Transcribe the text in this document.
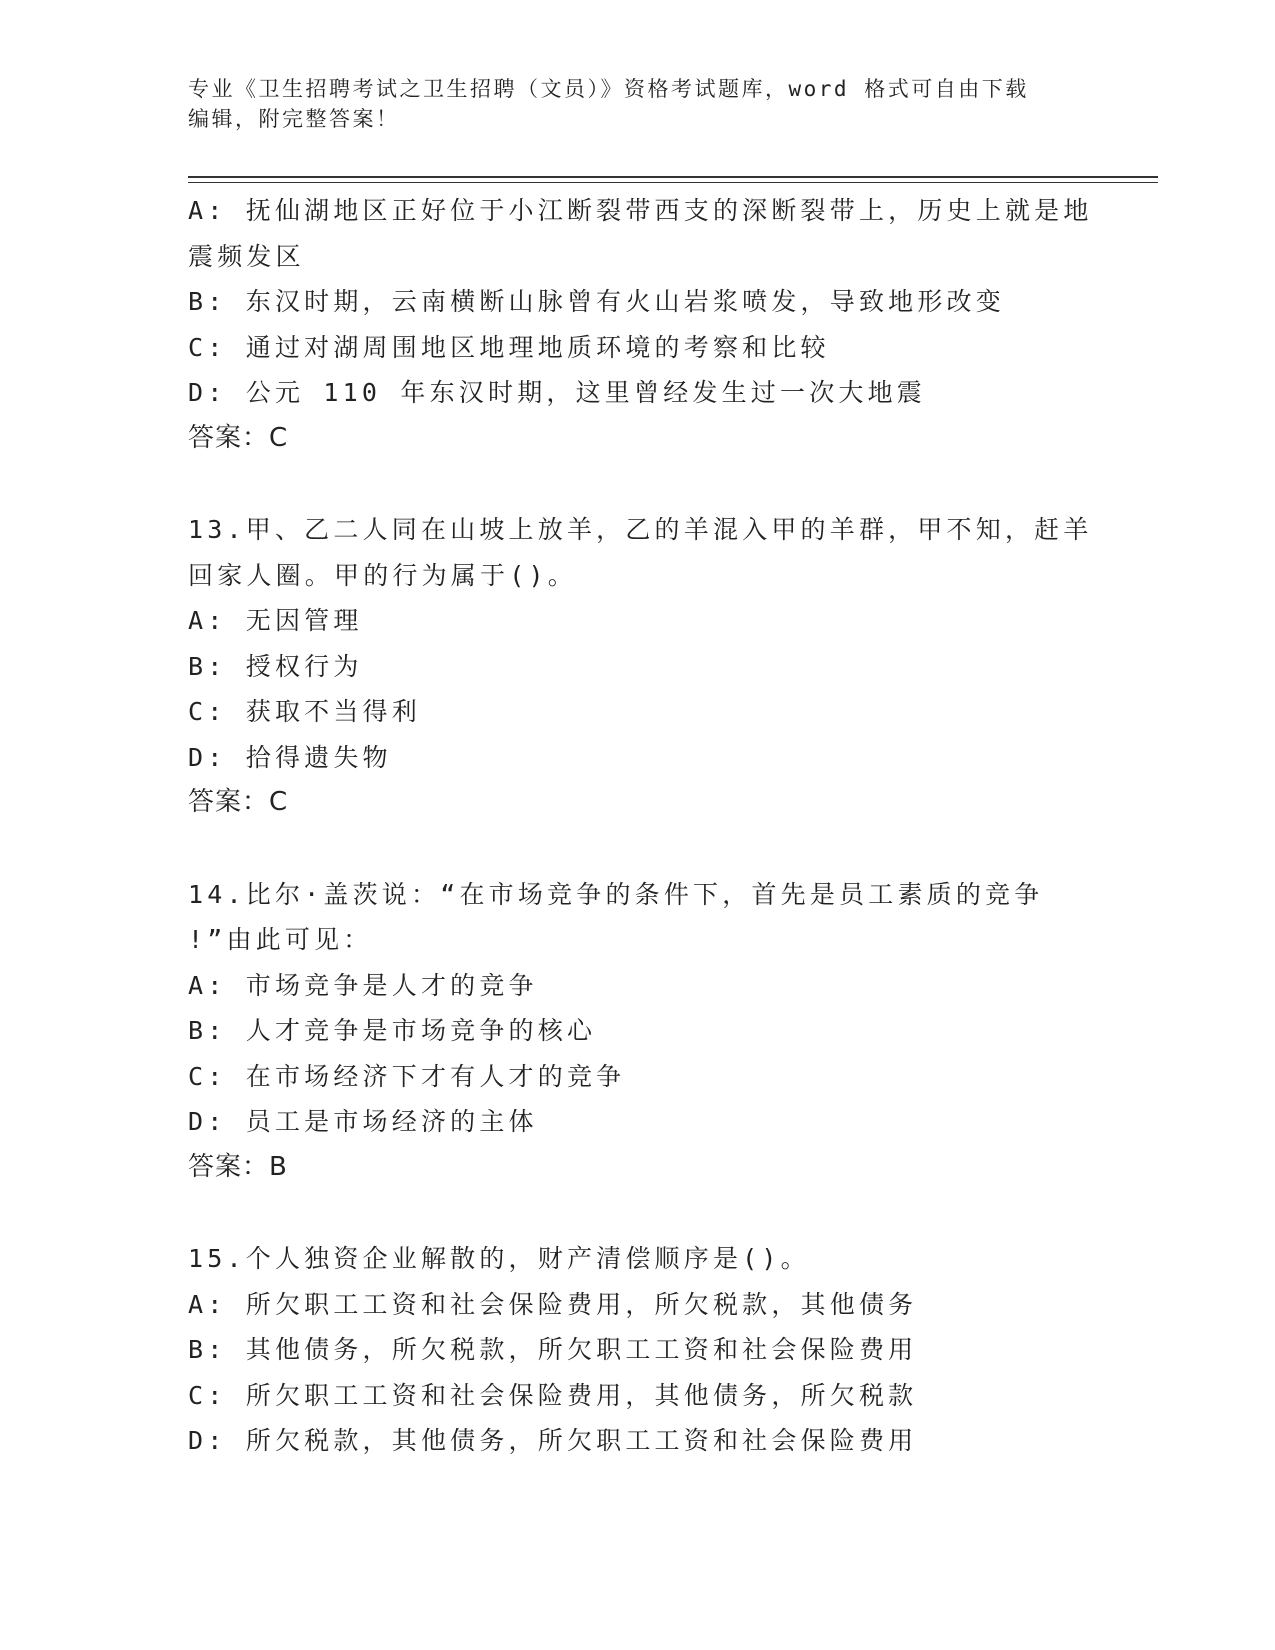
专业《卫生招聘考试之卫生招聘（文员）》资格考试题库，word 格式可自由下载
编辑，附完整答案！
A: 抚仙湖地区正好位于小江断裂带西支的深断裂带上，历史上就是地
震频发区
B: 东汉时期，云南横断山脉曾有火山岩浆喷发，导致地形改变
C: 通过对湖周围地区地理地质环境的考察和比较
D: 公元 110 年东汉时期，这里曾经发生过一次大地震
答案：C
13.甲、乙二人同在山坡上放羊，乙的羊混入甲的羊群，甲不知，赶羊
回家人圈。甲的行为属于()。
A: 无因管理
B: 授权行为
C: 获取不当得利
D: 拾得遗失物
答案：C
14.比尔·盖茨说：“在市场竞争的条件下，首先是员工素质的竞争
!”由此可见：
A: 市场竞争是人才的竞争
B: 人才竞争是市场竞争的核心
C: 在市场经济下才有人才的竞争
D: 员工是市场经济的主体
答案：B
15.个人独资企业解散的，财产清偿顺序是()。
A: 所欠职工工资和社会保险费用，所欠税款，其他债务
B: 其他债务，所欠税款，所欠职工工资和社会保险费用
C: 所欠职工工资和社会保险费用，其他债务，所欠税款
D: 所欠税款，其他债务，所欠职工工资和社会保险费用
